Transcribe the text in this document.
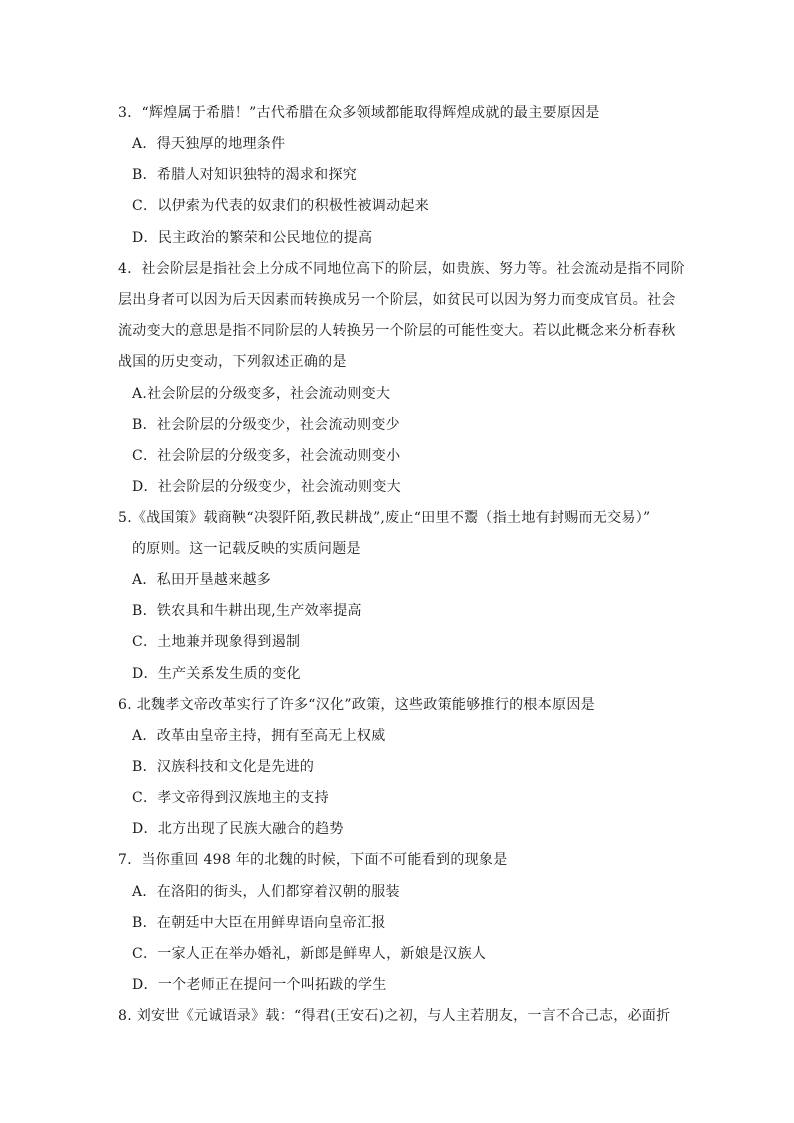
3．“辉煌属于希腊！”古代希腊在众多领域都能取得辉煌成就的最主要原因是
A．得天独厚的地理条件
B．希腊人对知识独特的渴求和探究
C．以伊索为代表的奴隶们的积极性被调动起来
D．民主政治的繁荣和公民地位的提高
4．社会阶层是指社会上分成不同地位高下的阶层，如贵族、努力等。社会流动是指不同阶
层出身者可以因为后天因素而转换成另一个阶层，如贫民可以因为努力而变成官员。社会
流动变大的意思是指不同阶层的人转换另一个阶层的可能性变大。若以此概念来分析春秋
战国的历史变动，下列叙述正确的是
A.社会阶层的分级变多，社会流动则变大
B．社会阶层的分级变少，社会流动则变少
C．社会阶层的分级变多，社会流动则变小
D．社会阶层的分级变少，社会流动则变大
5.《战国策》载商鞅“决裂阡陌,教民耕战”,废止“田里不鬻（指土地有封赐而无交易）”
的原则。这一记载反映的实质问题是
A．私田开垦越来越多
B．铁农具和牛耕出现,生产效率提高
C．土地兼并现象得到遏制
D．生产关系发生质的变化
6. 北魏孝文帝改革实行了许多“汉化”政策，这些政策能够推行的根本原因是
A．改革由皇帝主持，拥有至高无上权威
B．汉族科技和文化是先进的
C．孝文帝得到汉族地主的支持
D．北方出现了民族大融合的趋势
7．当你重回 498 年的北魏的时候，下面不可能看到的现象是
A．在洛阳的街头，人们都穿着汉朝的服装
B．在朝廷中大臣在用鲜卑语向皇帝汇报
C．一家人正在举办婚礼，新郎是鲜卑人，新娘是汉族人
D．一个老师正在提问一个叫拓跋的学生
8. 刘安世《元诚语录》载：“得君(王安石)之初，与人主若朋友，一言不合己志，必面折
